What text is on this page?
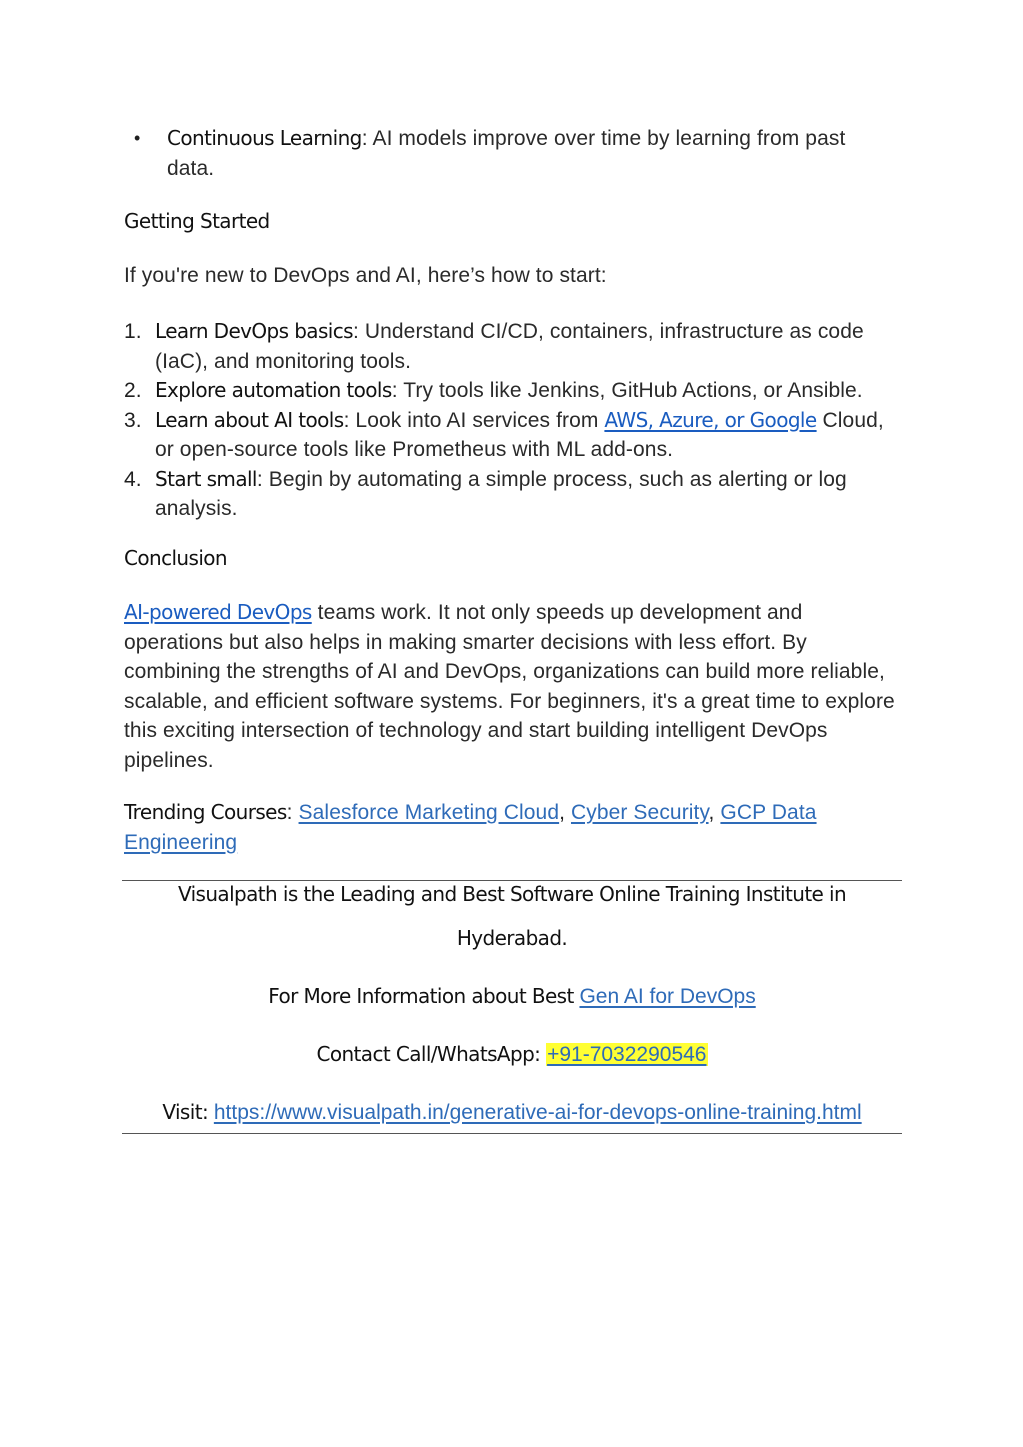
• Continuous Learning: AI models improve over time by learning from past data.
Getting Started
If you're new to DevOps and AI, here’s how to start:
1. Learn DevOps basics: Understand CI/CD, containers, infrastructure as code (IaC), and monitoring tools.
2. Explore automation tools: Try tools like Jenkins, GitHub Actions, or Ansible.
3. Learn about AI tools: Look into AI services from AWS, Azure, or Google Cloud, or open-source tools like Prometheus with ML add-ons.
4. Start small: Begin by automating a simple process, such as alerting or log analysis.
Conclusion
AI-powered DevOps teams work. It not only speeds up development and operations but also helps in making smarter decisions with less effort. By combining the strengths of AI and DevOps, organizations can build more reliable, scalable, and efficient software systems. For beginners, it's a great time to explore this exciting intersection of technology and start building intelligent DevOps pipelines.
Trending Courses: Salesforce Marketing Cloud, Cyber Security, GCP Data Engineering
Visualpath is the Leading and Best Software Online Training Institute in
Hyderabad.
For More Information about Best Gen AI for DevOps
Contact Call/WhatsApp: +91-7032290546
Visit: https://www.visualpath.in/generative-ai-for-devops-online-training.html
